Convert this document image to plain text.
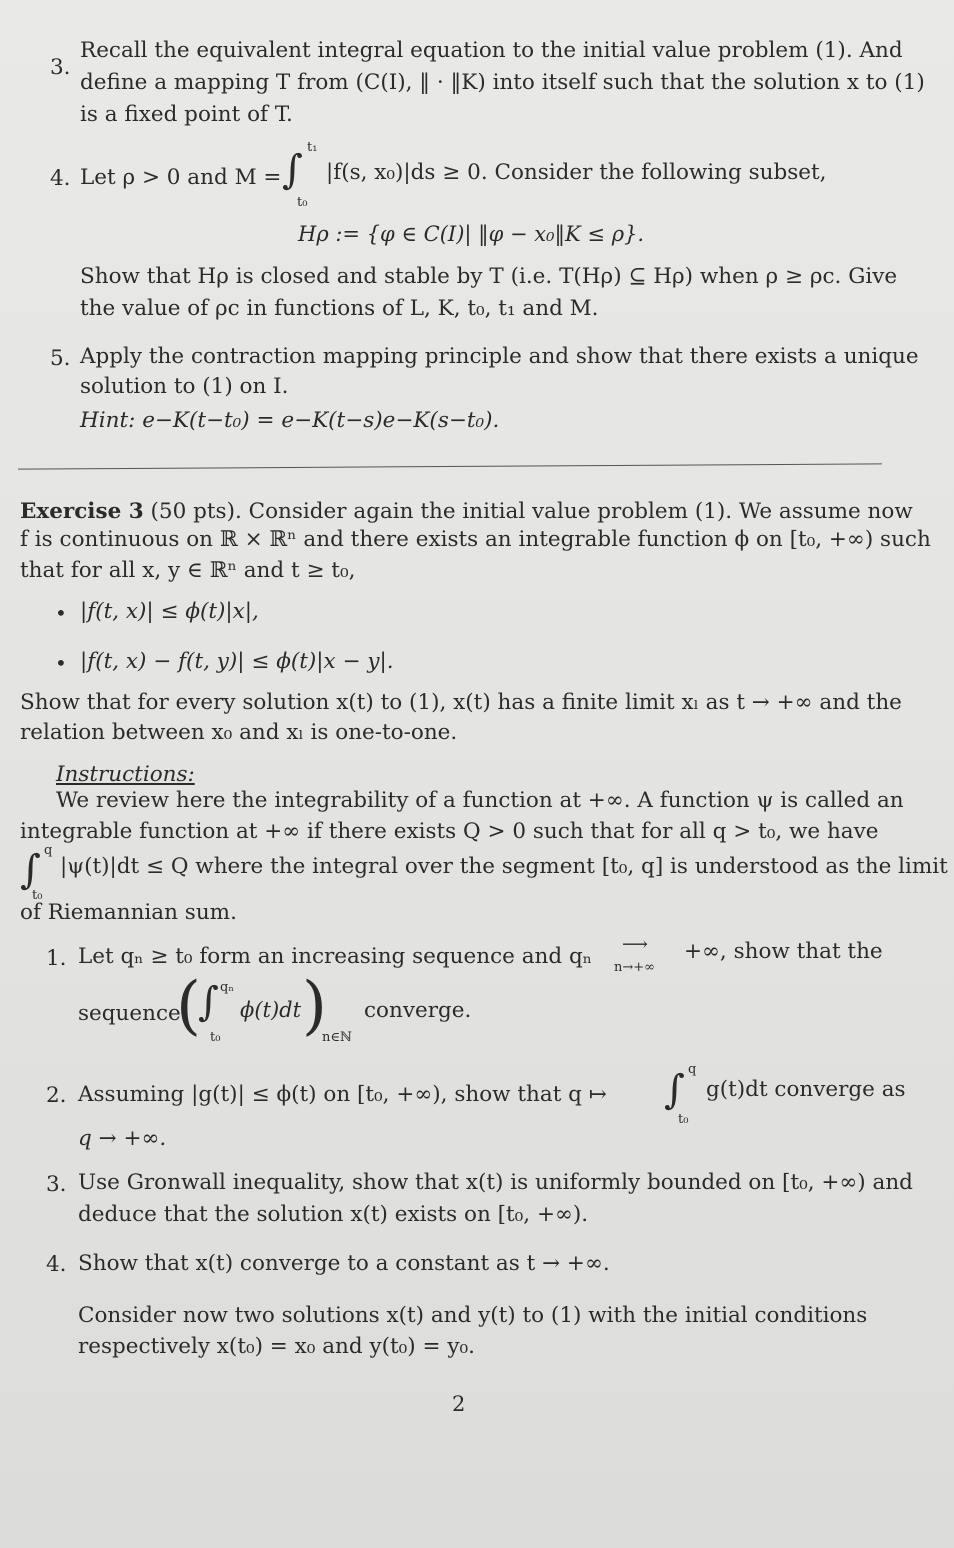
3.
Recall the equivalent integral equation to the initial value problem (1). And
define a mapping T from (C(I), ‖ · ‖K) into itself such that the solution x to (1)
is a fixed point of T.
4. Let ρ > 0 and M = ∫ t₁
t₀
|f(s, x₀)|ds ≥ 0. Consider the following subset,
Hρ := {φ ∈ C(I)| ‖φ − x₀‖K ≤ ρ}.
Show that Hρ is closed and stable by T (i.e. T(Hρ) ⊆ Hρ) when ρ ≥ ρc. Give
the value of ρc in functions of L, K, t₀, t₁ and M.
5. Apply the contraction mapping principle and show that there exists a unique
solution to (1) on I.
Hint: e−K(t−t₀) = e−K(t−s)e−K(s−t₀).
Exercise 3 (50 pts). Consider again the initial value problem (1). We assume now
f is continuous on ℝ × ℝⁿ and there exists an integrable function ϕ on [t₀, +∞) such
that for all x, y ∈ ℝⁿ and t ≥ t₀,
• |f(t, x)| ≤ ϕ(t)|x|,
• |f(t, x) − f(t, y)| ≤ ϕ(t)|x − y|.
Show that for every solution x(t) to (1), x(t) has a finite limit xₗ as t → +∞ and the
relation between x₀ and xₗ is one-to-one.
Instructions:
We review here the integrability of a function at +∞. A function ψ is called an
integrable function at +∞ if there exists Q > 0 such that for all q > t₀, we have
∫ q
t₀
|ψ(t)|dt ≤ Q where the integral over the segment [t₀, q] is understood as the limit
of Riemannian sum.
1. Let qₙ ≥ t₀ form an increasing sequence and qₙ ⟶
n→+∞
+∞, show that the
sequence
(
∫ qₙ
t₀
ϕ(t)dt )
n∈ℕ
converge.
2. Assuming |g(t)| ≤ ϕ(t) on [t₀, +∞), show that q ↦ ∫ q
t₀
g(t)dt converge as
q → +∞.
3. Use Gronwall inequality, show that x(t) is uniformly bounded on [t₀, +∞) and
deduce that the solution x(t) exists on [t₀, +∞).
4. Show that x(t) converge to a constant as t → +∞.
Consider now two solutions x(t) and y(t) to (1) with the initial conditions
respectively x(t₀) = x₀ and y(t₀) = y₀.
2
